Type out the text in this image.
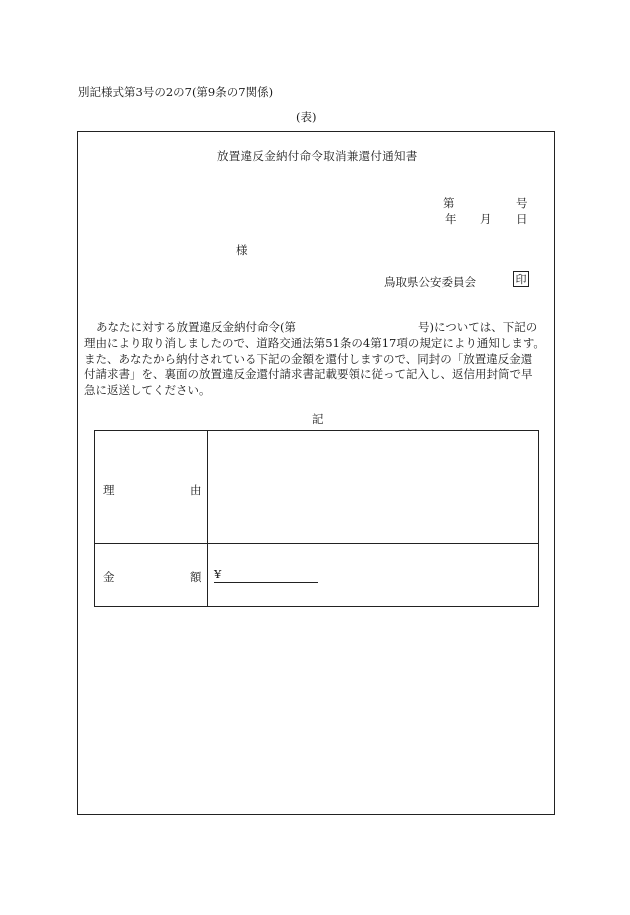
別記様式第3号の2の7(第9条の7関係)
(表)
放置違反金納付命令取消兼還付通知書
第	号
年 月 日
様
鳥取県公安委員会	印
あなたに対する放置違反金納付命令(第	号)については、下記の
理由により取り消しましたので、道路交通法第51条の4第17項の規定により通知します。
また、あなたから納付されている下記の金額を還付しますので、同封の「放置違反金還
付請求書」を、裏面の放置違反金還付請求書記載要領に従って記入し、返信用封筒で早
急に返送してください。
記
理	由
金	額 ¥
